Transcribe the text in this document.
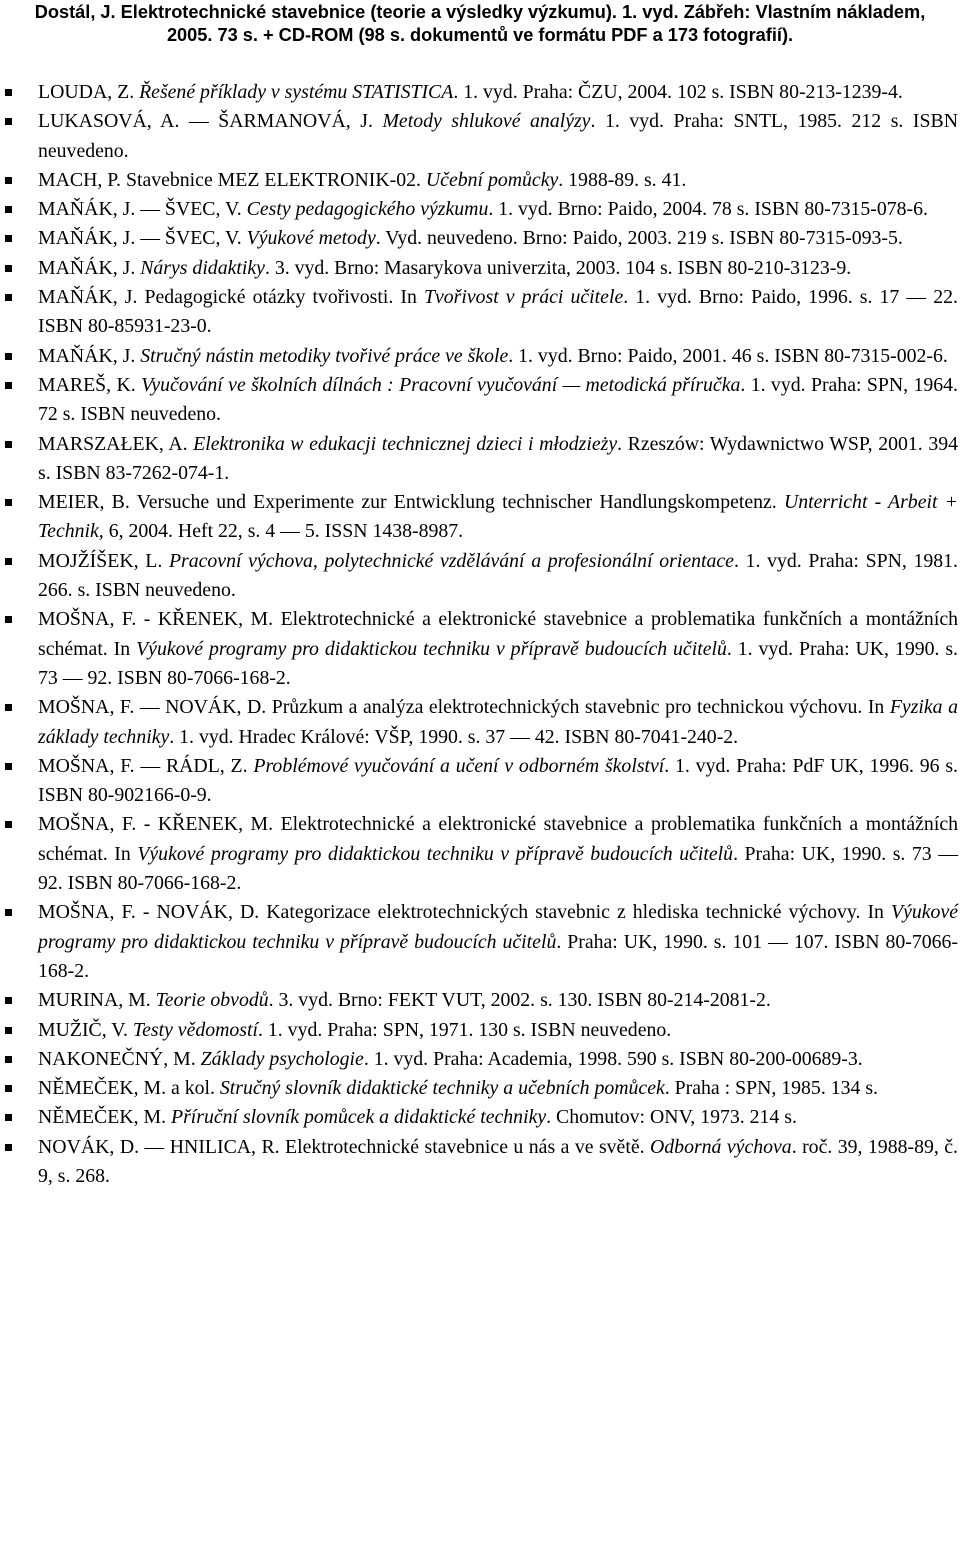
Dostál, J. Elektrotechnické stavebnice (teorie a výsledky výzkumu). 1. vyd. Zábřeh: Vlastním nákladem,
2005. 73 s. + CD-ROM (98 s. dokumentů ve formátu PDF a 173 fotografií).
LOUDA, Z. Řešené příklady v systému STATISTICA. 1. vyd. Praha: ČZU, 2004. 102 s. ISBN 80-213-1239-4.
LUKASOVÁ, A. — ŠARMANOVÁ, J. Metody shlukové analýzy. 1. vyd. Praha: SNTL, 1985. 212 s. ISBN neuvedeno.
MACH, P. Stavebnice MEZ ELEKTRONIK-02. Učební pomůcky. 1988-89. s. 41.
MAŇÁK, J. — ŠVEC, V. Cesty pedagogického výzkumu. 1. vyd. Brno: Paido, 2004. 78 s. ISBN 80-7315-078-6.
MAŇÁK, J. — ŠVEC, V. Výukové metody. Vyd. neuvedeno. Brno: Paido, 2003. 219 s. ISBN 80-7315-093-5.
MAŇÁK, J. Nárys didaktiky. 3. vyd. Brno: Masarykova univerzita, 2003. 104 s. ISBN 80-210-3123-9.
MAŇÁK, J. Pedagogické otázky tvořivosti. In Tvořivost v práci učitele. 1. vyd. Brno: Paido, 1996. s. 17 — 22. ISBN 80-85931-23-0.
MAŇÁK, J. Stručný nástin metodiky tvořivé práce ve škole. 1. vyd. Brno: Paido, 2001. 46 s. ISBN 80-7315-002-6.
MAREŠ, K. Vyučování ve školních dílnách : Pracovní vyučování — metodická příručka. 1. vyd. Praha: SPN, 1964. 72 s. ISBN neuvedeno.
MARSZAŁEK, A. Elektronika w edukacji technicznej dzieci i młodzieży. Rzeszów: Wydawnictwo WSP, 2001. 394 s. ISBN 83-7262-074-1.
MEIER, B. Versuche und Experimente zur Entwicklung technischer Handlungskompetenz. Unterricht - Arbeit + Technik, 6, 2004. Heft 22, s. 4 — 5. ISSN 1438-8987.
MOJŽÍŠEK, L. Pracovní výchova, polytechnické vzdělávání a profesionální orientace. 1. vyd. Praha: SPN, 1981. 266. s. ISBN neuvedeno.
MOŠNA, F. - KŘENEK, M. Elektrotechnické a elektronické stavebnice a problematika funkčních a montážních schémat. In Výukové programy pro didaktickou techniku v přípravě budoucích učitelů. 1. vyd. Praha: UK, 1990. s. 73 — 92. ISBN 80-7066-168-2.
MOŠNA, F. — NOVÁK, D. Průzkum a analýza elektrotechnických stavebnic pro technickou výchovu. In Fyzika a základy techniky. 1. vyd. Hradec Králové: VŠP, 1990. s. 37 — 42. ISBN 80-7041-240-2.
MOŠNA, F. — RÁDL, Z. Problémové vyučování a učení v odborném školství. 1. vyd. Praha: PdF UK, 1996. 96 s. ISBN 80-902166-0-9.
MOŠNA, F. - KŘENEK, M. Elektrotechnické a elektronické stavebnice a problematika funkčních a montážních schémat. In Výukové programy pro didaktickou techniku v přípravě budoucích učitelů. Praha: UK, 1990. s. 73 — 92. ISBN 80-7066-168-2.
MOŠNA, F. - NOVÁK, D. Kategorizace elektrotechnických stavebnic z hlediska technické výchovy. In Výukové programy pro didaktickou techniku v přípravě budoucích učitelů. Praha: UK, 1990. s. 101 — 107. ISBN 80-7066-168-2.
MURINA, M. Teorie obvodů. 3. vyd. Brno: FEKT VUT, 2002. s. 130. ISBN 80-214-2081-2.
MUŽIČ, V. Testy vědomostí. 1. vyd. Praha: SPN, 1971. 130 s. ISBN neuvedeno.
NAKONEČNÝ, M. Základy psychologie. 1. vyd. Praha: Academia, 1998. 590 s. ISBN 80-200-00689-3.
NĚMEČEK, M. a kol. Stručný slovník didaktické techniky a učebních pomůcek. Praha : SPN, 1985. 134 s.
NĚMEČEK, M. Příruční slovník pomůcek a didaktické techniky. Chomutov: ONV, 1973. 214 s.
NOVÁK, D. — HNILICA, R. Elektrotechnické stavebnice u nás a ve světě. Odborná výchova. roč. 39, 1988-89, č. 9, s. 268.
